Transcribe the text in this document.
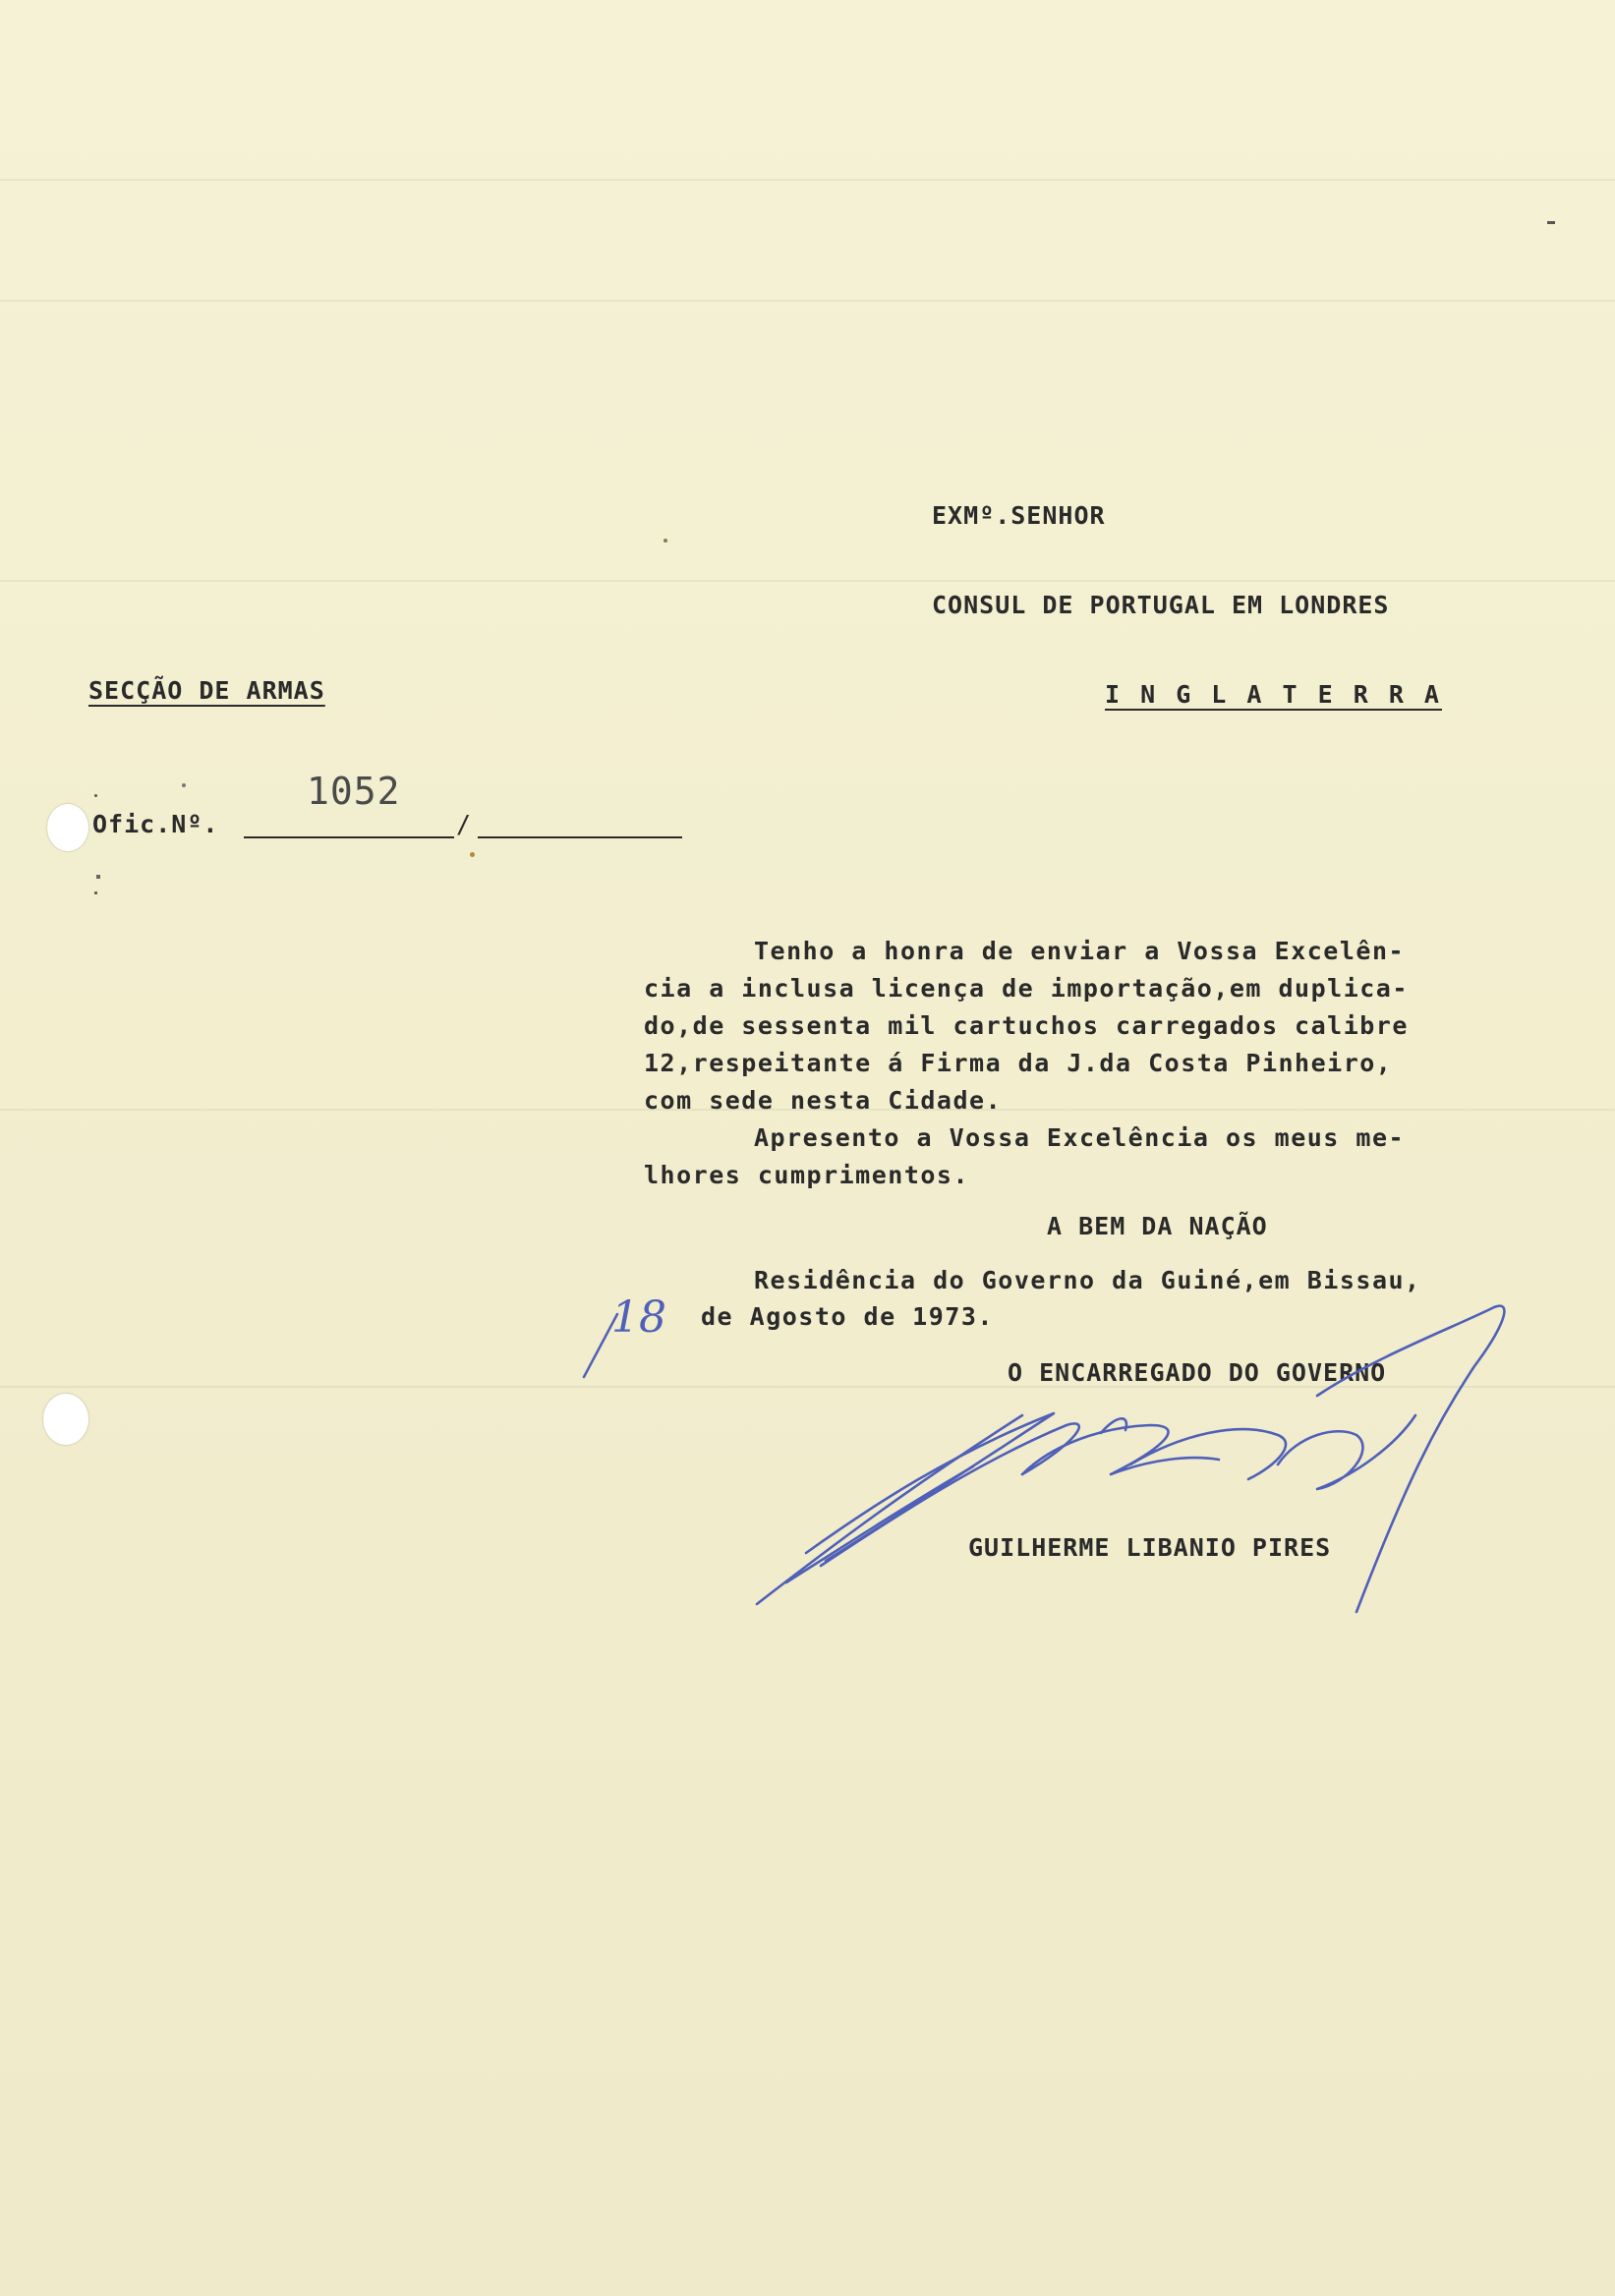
EXMº.SENHOR
CONSUL DE PORTUGAL EM LONDRES
I N G L A T E R R A
SECÇÃO DE ARMAS
Ofic.Nº.	/
1052
Tenho a honra de enviar a Vossa Excelên-
cia a inclusa licença de importação,em duplica-
do,de sessenta mil cartuchos carregados calibre
12,respeitante á Firma da J.da Costa Pinheiro,
com sede nesta Cidade.
Apresento a Vossa Excelência os meus me-
lhores cumprimentos.
A BEM DA NAÇÃO
Residência do Governo da Guiné,em Bissau,
18 de Agosto de 1973.
O ENCARREGADO DO GOVERNO
GUILHERME LIBANIO PIRES
